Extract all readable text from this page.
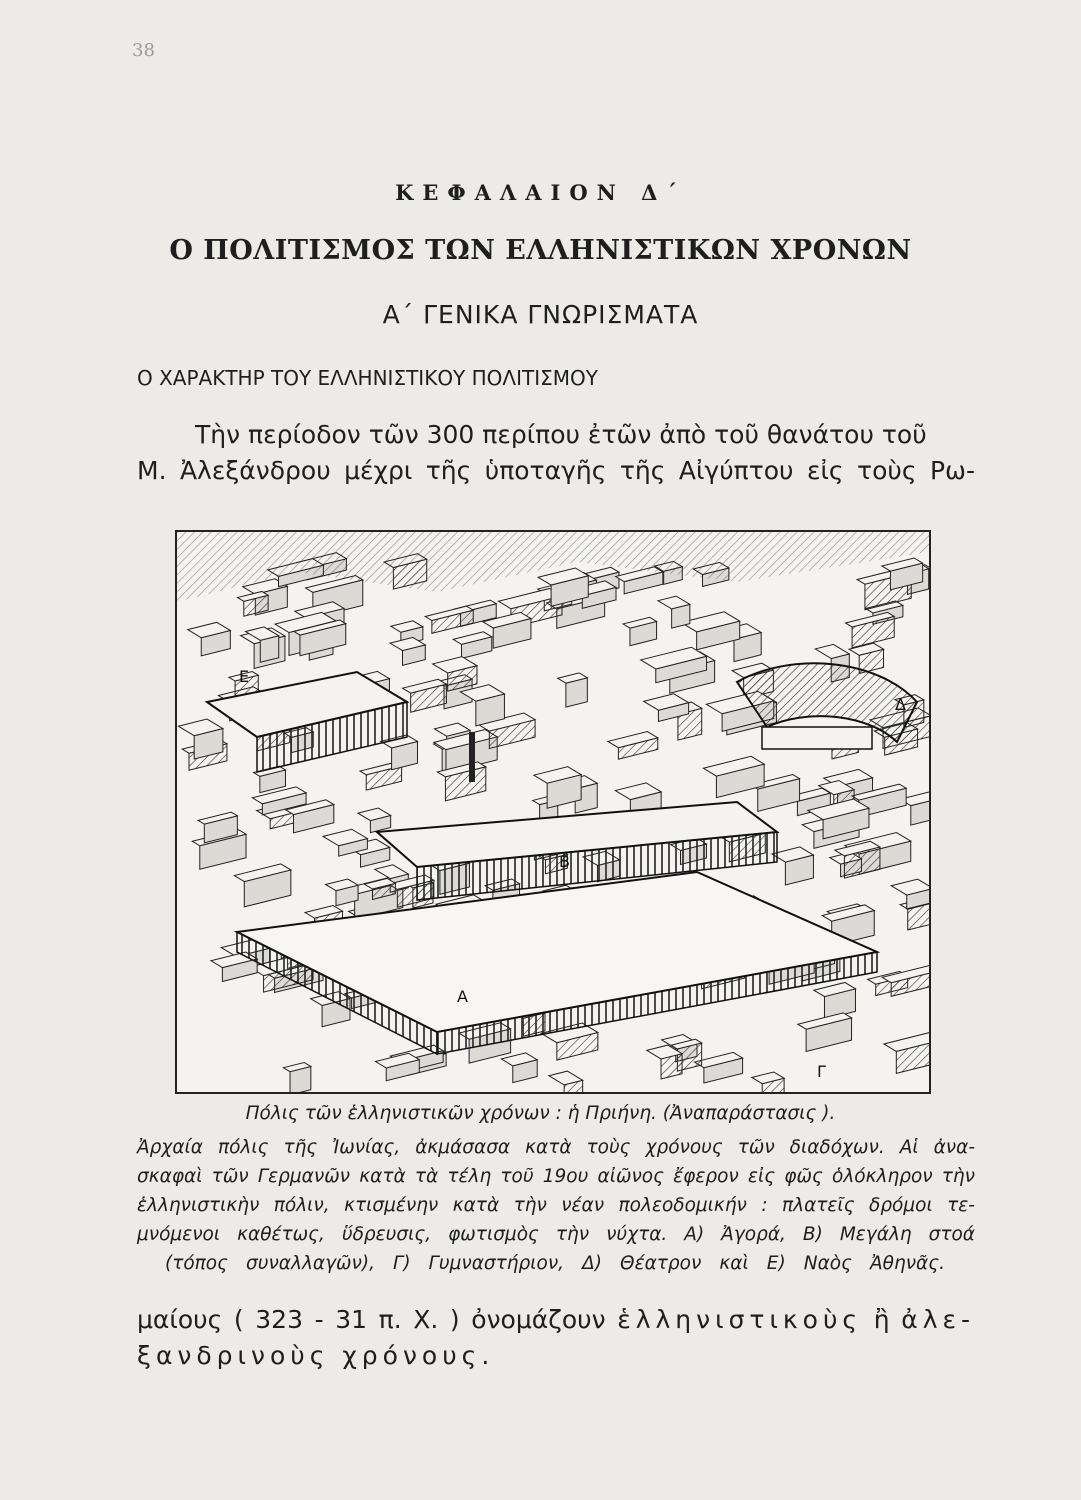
38
ΚΕΦΑΛΑΙΟΝ Δ΄
Ο ΠΟΛΙΤΙΣΜΟΣ ΤΩΝ ΕΛΛΗΝΙΣΤΙΚΩΝ ΧΡΟΝΩΝ
Α΄ ΓΕΝΙΚΑ ΓΝΩΡΙΣΜΑΤΑ
Ο ΧΑΡΑΚΤΗΡ ΤΟΥ ΕΛΛΗΝΙΣΤΙΚΟΥ ΠΟΛΙΤΙΣΜΟΥ
Τὴν περίοδον τῶν 300 περίπου ἐτῶν ἀπὸ τοῦ θανάτου τοῦ
Μ. Ἀλεξάνδρου μέχρι τῆς ὑποταγῆς τῆς Αἰγύπτου εἰς τοὺς Ρω-
Ε
Δ
Β
Α
Γ
Πόλις τῶν ἑλληνιστικῶν χρόνων : ἡ Πριήνη. (Ἀναπαράστασις ).
Ἀρχαία πόλις τῆς Ἰωνίας, ἀκμάσασα κατὰ τοὺς χρόνους τῶν διαδόχων. Αἱ ἀνα-
σκαφαὶ τῶν Γερμανῶν κατὰ τὰ τέλη τοῦ 19ου αἰῶνος ἔφερον εἰς φῶς ὁλόκληρον τὴν
ἑλληνιστικὴν πόλιν, κτισμένην κατὰ τὴν νέαν πολεοδομικήν : πλατεῖς δρόμοι τε-
μνόμενοι καθέτως, ὕδρευσις, φωτισμὸς τὴν νύχτα. Α) Ἀγορά, Β) Μεγάλη στοά
(τόπος συναλλαγῶν), Γ) Γυμναστήριον, Δ) Θέατρον καὶ Ε) Ναὸς Ἀθηνᾶς.
μαίους ( 323 - 31 π. Χ. ) ὀνομάζουν ἑλληνιστικοὺς ἢ ἀλε-
ξανδρινοὺς χρόνους.
